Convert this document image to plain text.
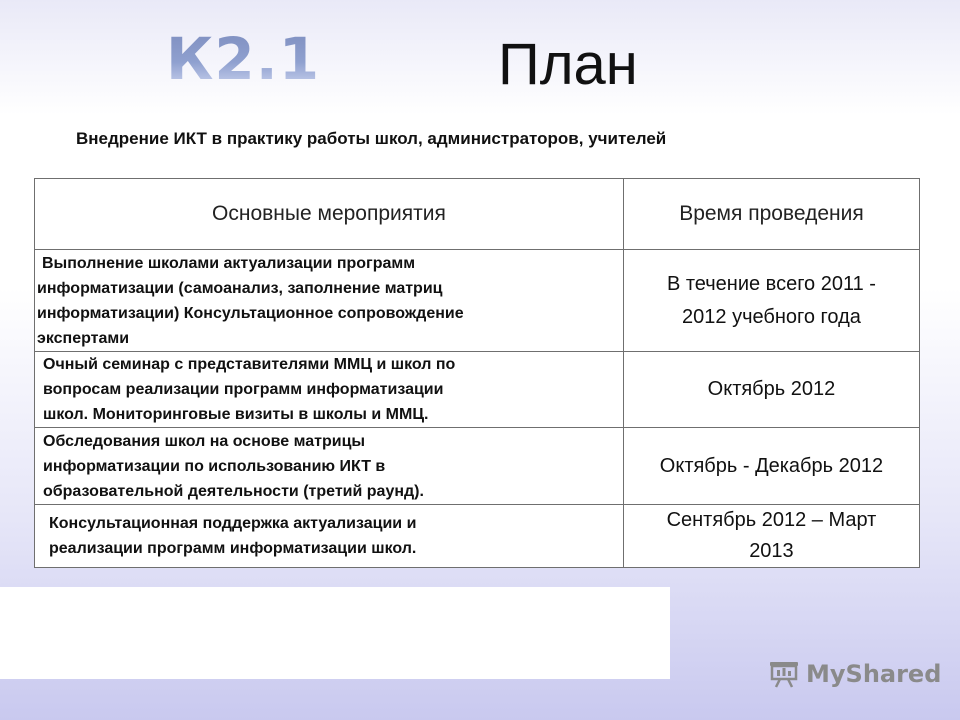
К2.1	План
Внедрение ИКТ в практику работы школ, администраторов, учителей
Основные мероприятия	Время проведения

Выполнение школами актуализации программ
информатизации (самоанализ, заполнение матриц
информатизации) Консультационное сопровождение
экспертами	В течение всего 2011 -
2012 учебного года

Очный семинар с представителями ММЦ и школ по
вопросам реализации программ информатизации
школ. Мониторинговые визиты в школы и ММЦ.	Октябрь 2012

Обследования школ на основе матрицы
информатизации по использованию ИКТ в
образовательной деятельности (третий раунд).	Октябрь - Декабрь 2012

Консультационная поддержка актуализации и
реализации программ информатизации школ.	Сентябрь 2012 – Март
2013
MyShared
